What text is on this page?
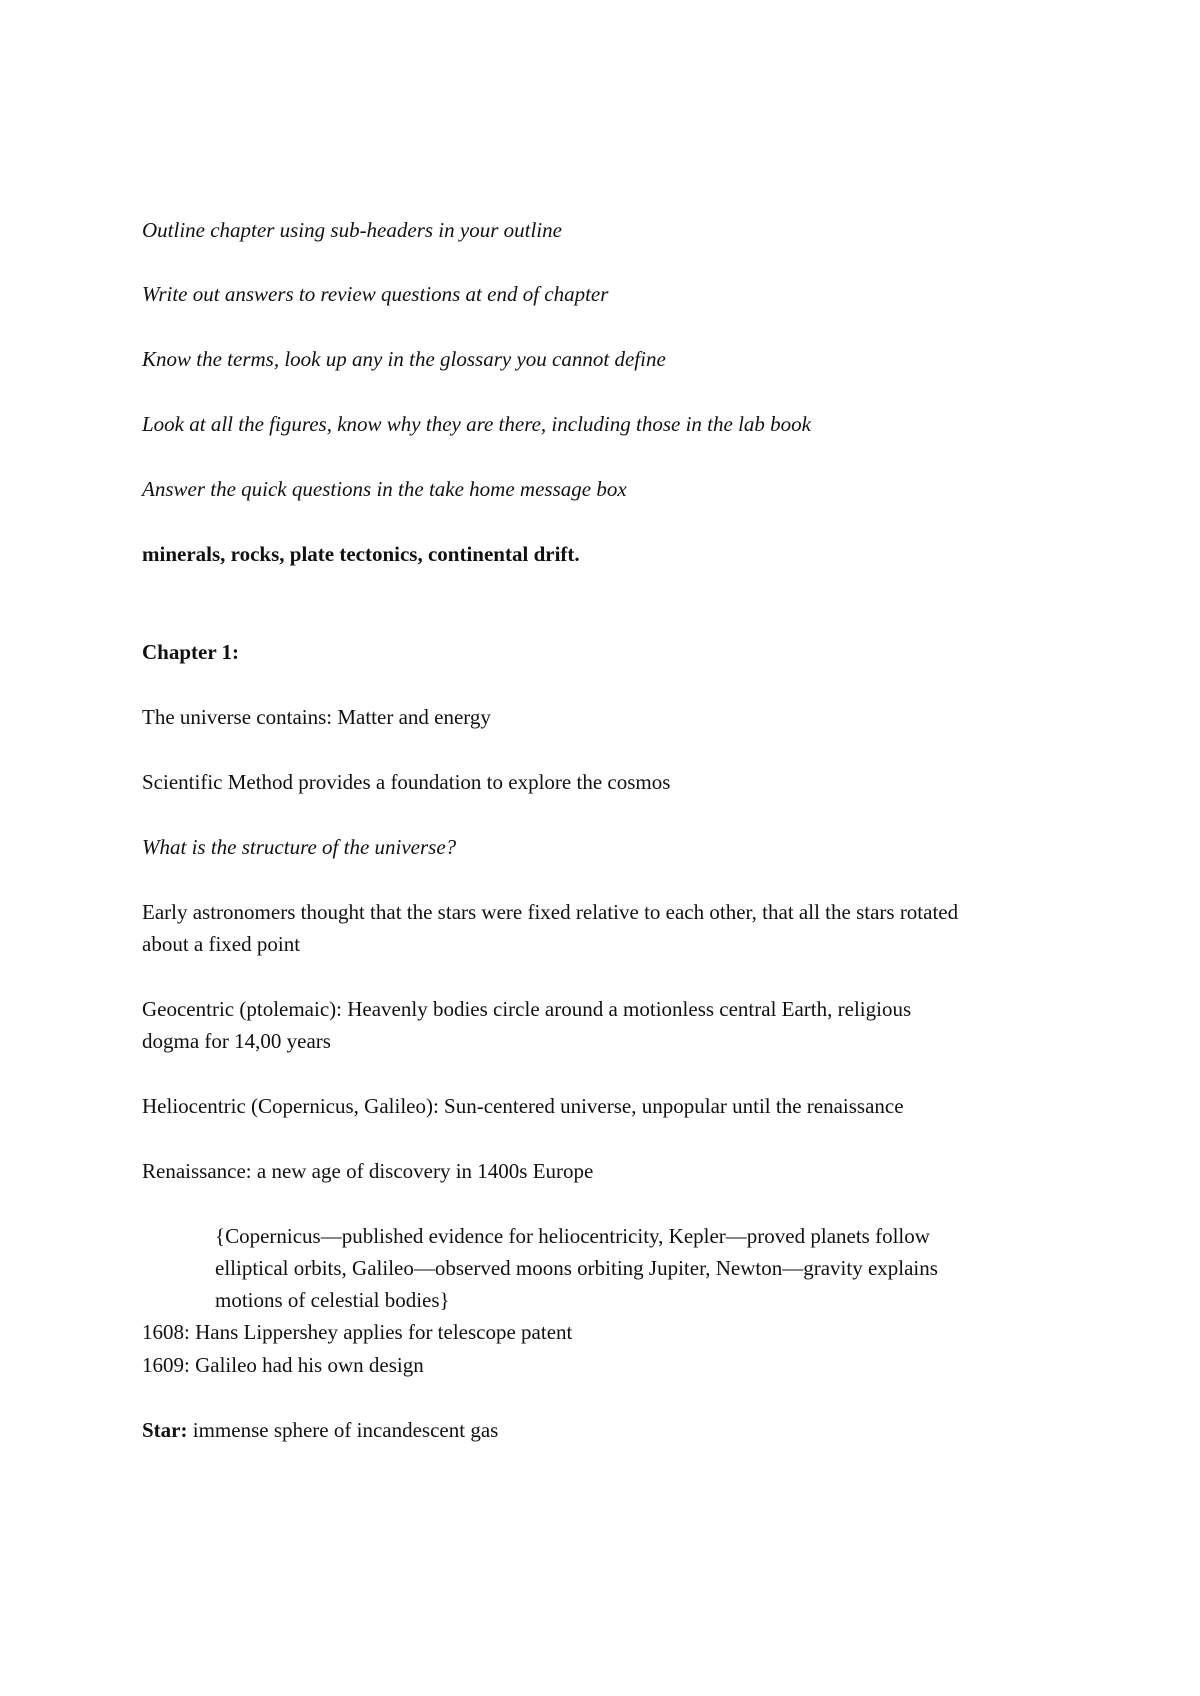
Outline chapter using sub-headers in your outline

Write out answers to review questions at end of chapter

Know the terms, look up any in the glossary you cannot define

Look at all the figures, know why they are there, including those in the lab book

Answer the quick questions in the take home message box

minerals, rocks, plate tectonics, continental drift.

Chapter 1:

The universe contains: Matter and energy

Scientific Method provides a foundation to explore the cosmos

What is the structure of the universe?

Early astronomers thought that the stars were fixed relative to each other, that all the stars rotated

about a fixed point

Geocentric (ptolemaic): Heavenly bodies circle around a motionless central Earth, religious

dogma for 14,00 years

Heliocentric (Copernicus, Galileo): Sun-centered universe, unpopular until the renaissance

Renaissance: a new age of discovery in 1400s Europe

{Copernicus—published evidence for heliocentricity, Kepler—proved planets follow

elliptical orbits, Galileo—observed moons orbiting Jupiter, Newton—gravity explains

motions of celestial bodies}

1608: Hans Lippershey applies for telescope patent

1609: Galileo had his own design

Star: immense sphere of incandescent gas
